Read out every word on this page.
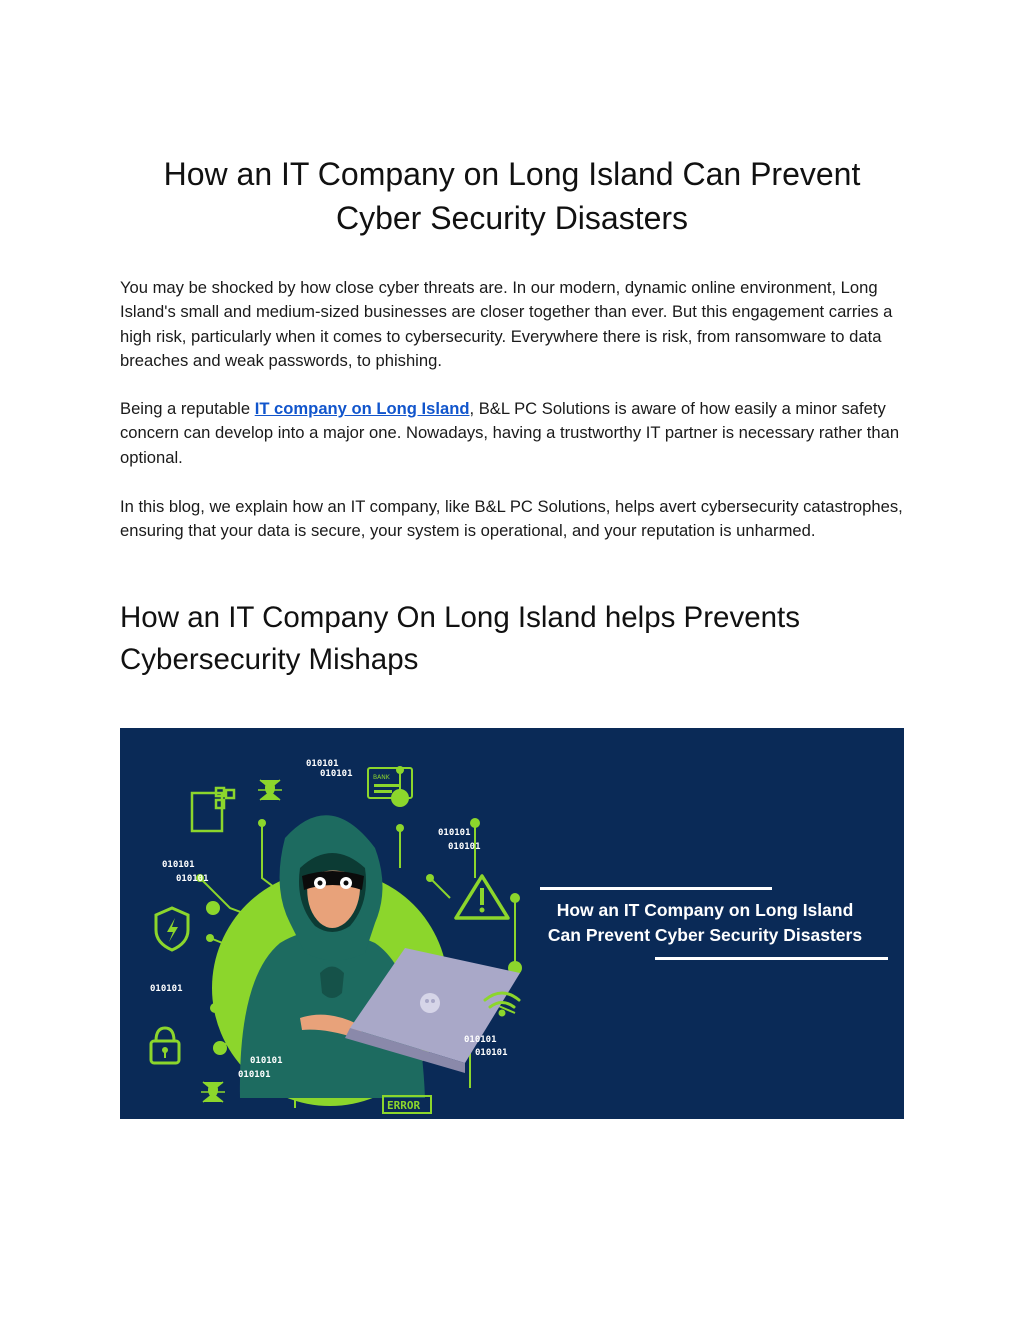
How an IT Company on Long Island Can Prevent Cyber Security Disasters

You may be shocked by how close cyber threats are. In our modern, dynamic online environment, Long Island's small and medium-sized businesses are closer together than ever. But this engagement carries a high risk, particularly when it comes to cybersecurity. Everywhere there is risk, from ransomware to data breaches and weak passwords, to phishing.

Being a reputable IT company on Long Island, B&L PC Solutions is aware of how easily a minor safety concern can develop into a major one. Nowadays, having a trustworthy IT partner is necessary rather than optional.

In this blog, we explain how an IT company, like B&L PC Solutions, helps avert cybersecurity catastrophes, ensuring that your data is secure, your system is operational, and your reputation is unharmed.

How an IT Company On Long Island helps Prevents Cybersecurity Mishaps
010101
010101
010101
010101
010101
010101
010101
010101
010101
010101
010101
BANK
ERROR
How an IT Company on Long Island
Can Prevent Cyber Security Disasters
